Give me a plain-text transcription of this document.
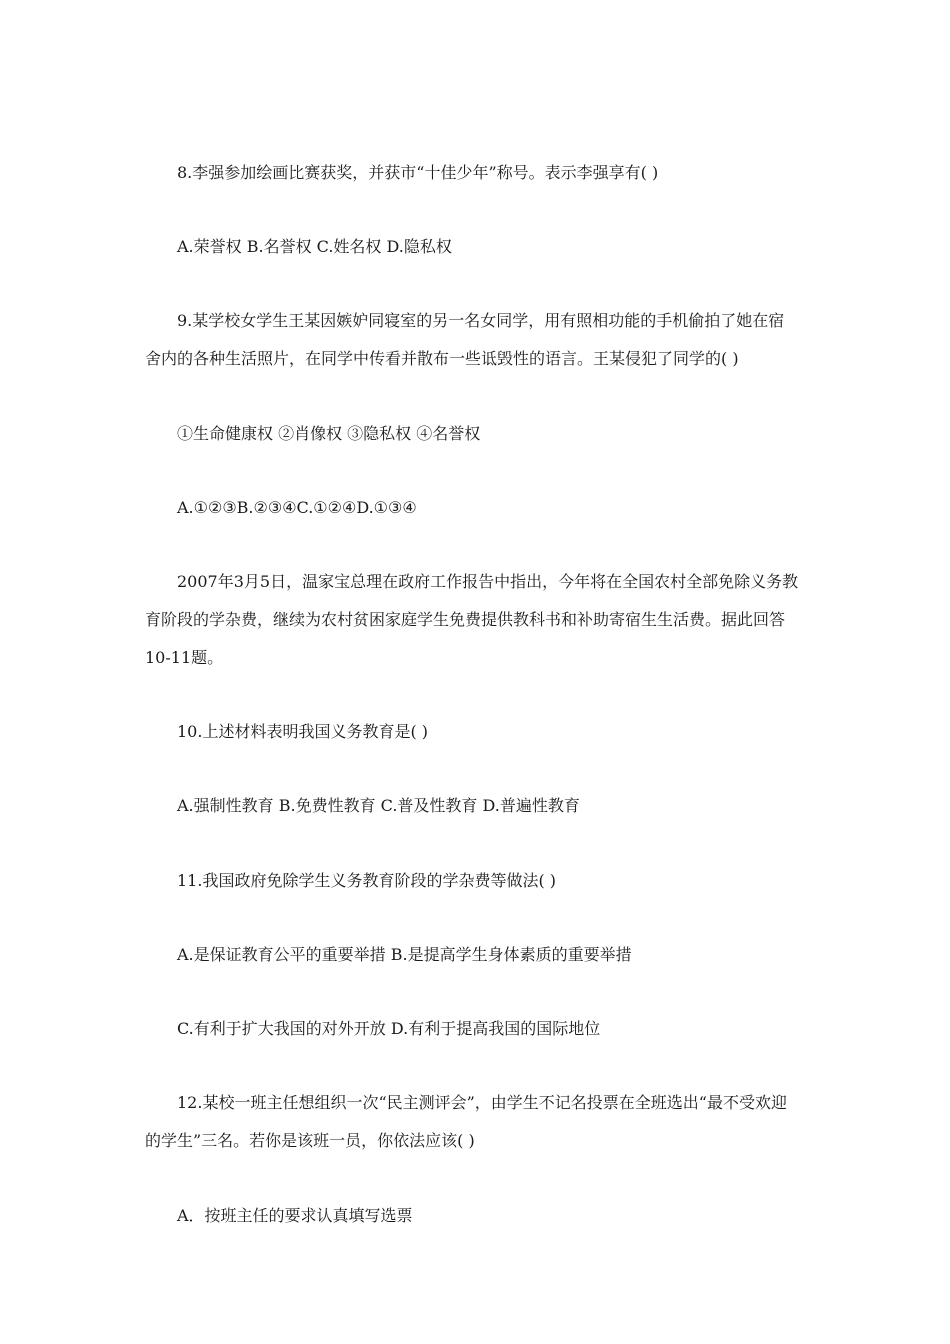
8.李强参加绘画比赛获奖，并获市“十佳少年”称号。表示李强享有( )
A.荣誉权 B.名誉权 C.姓名权 D.隐私权
9.某学校女学生王某因嫉妒同寝室的另一名女同学，用有照相功能的手机偷拍了她在宿
舍内的各种生活照片，在同学中传看并散布一些诋毁性的语言。王某侵犯了同学的( )
①生命健康权 ②肖像权 ③隐私权 ④名誉权
A.①②③B.②③④C.①②④D.①③④
2007年3月5日，温家宝总理在政府工作报告中指出，今年将在全国农村全部免除义务教
育阶段的学杂费，继续为农村贫困家庭学生免费提供教科书和补助寄宿生生活费。据此回答
10-11题。
10.上述材料表明我国义务教育是( )
A.强制性教育 B.免费性教育 C.普及性教育 D.普遍性教育
11.我国政府免除学生义务教育阶段的学杂费等做法( )
A.是保证教育公平的重要举措 B.是提高学生身体素质的重要举措
C.有利于扩大我国的对外开放 D.有利于提高我国的国际地位
12.某校一班主任想组织一次“民主测评会”，由学生不记名投票在全班选出“最不受欢迎
的学生”三名。若你是该班一员，你依法应该( )
A．按班主任的要求认真填写选票
